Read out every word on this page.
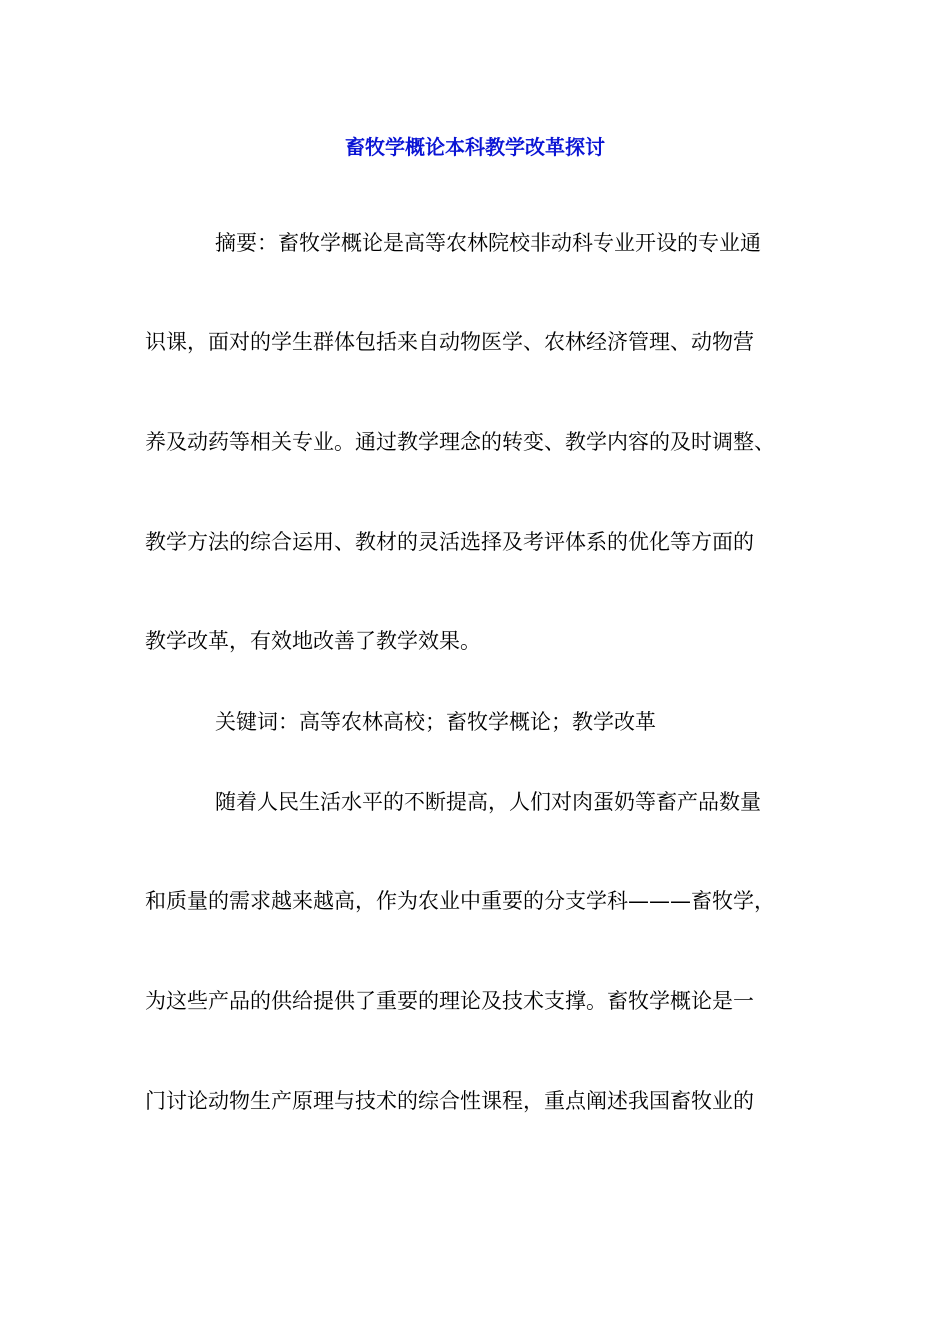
畜牧学概论本科教学改革探讨
摘要：畜牧学概论是高等农林院校非动科专业开设的专业通
识课，面对的学生群体包括来自动物医学、农林经济管理、动物营
养及动药等相关专业。通过教学理念的转变、教学内容的及时调整、
教学方法的综合运用、教材的灵活选择及考评体系的优化等方面的
教学改革，有效地改善了教学效果。
关键词：高等农林高校；畜牧学概论；教学改革
随着人民生活水平的不断提高，人们对肉蛋奶等畜产品数量
和质量的需求越来越高，作为农业中重要的分支学科———畜牧学，
为这些产品的供给提供了重要的理论及技术支撑。畜牧学概论是一
门讨论动物生产原理与技术的综合性课程，重点阐述我国畜牧业的
